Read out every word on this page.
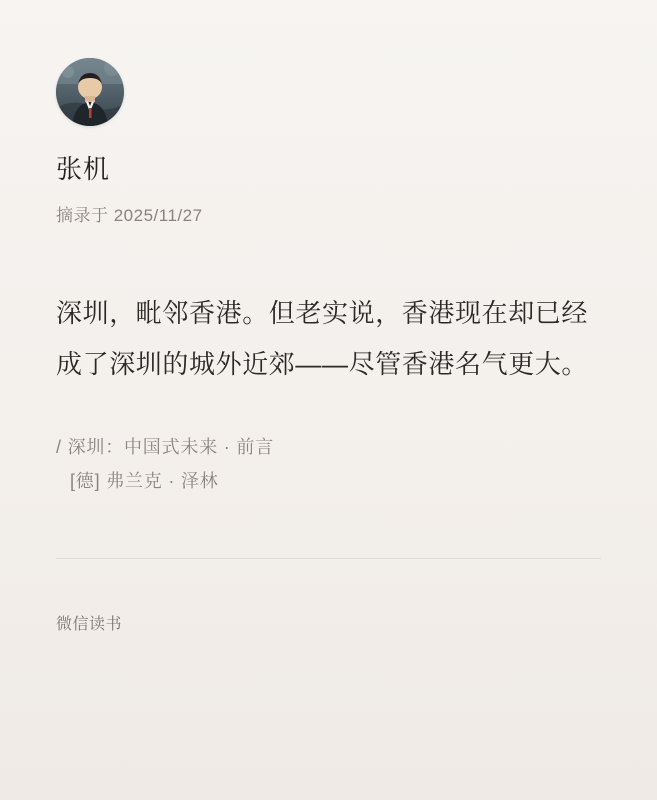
张机
摘录于 2025/11/27
深圳，毗邻香港。但老实说，香港现在却已经成了深圳的城外近郊——尽管香港名气更大。
/ 深圳：中国式未来 · 前言
[德] 弗兰克 · 泽林
微信读书
